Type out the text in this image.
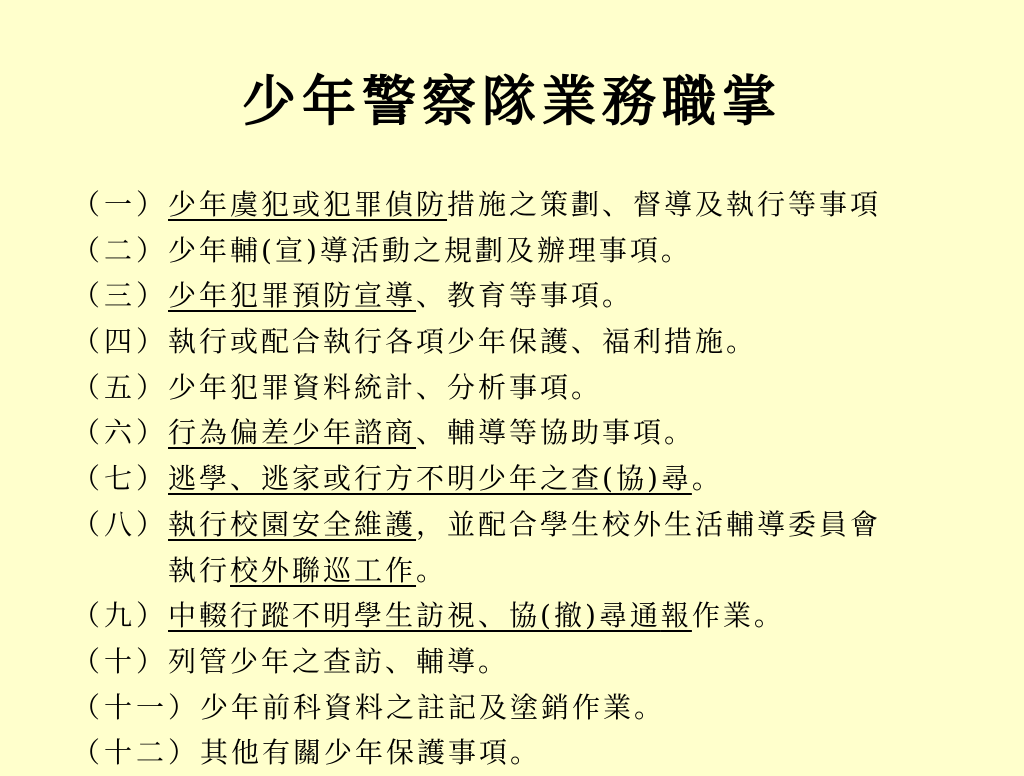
少年警察隊業務職掌
（一）少年虞犯或犯罪偵防措施之策劃、督導及執行等事項
（二）少年輔(宣)導活動之規劃及辦理事項。
（三）少年犯罪預防宣導、教育等事項。
（四）執行或配合執行各項少年保護、福利措施。
（五）少年犯罪資料統計、分析事項。
（六）行為偏差少年諮商、輔導等協助事項。
（七）逃學、逃家或行方不明少年之查(協)尋。
（八）執行校園安全維護，並配合學生校外生活輔導委員會
執行校外聯巡工作。
（九）中輟行蹤不明學生訪視、協(撤)尋通報作業。
（十）列管少年之查訪、輔導。
（十一）少年前科資料之註記及塗銷作業。
（十二）其他有關少年保護事項。
